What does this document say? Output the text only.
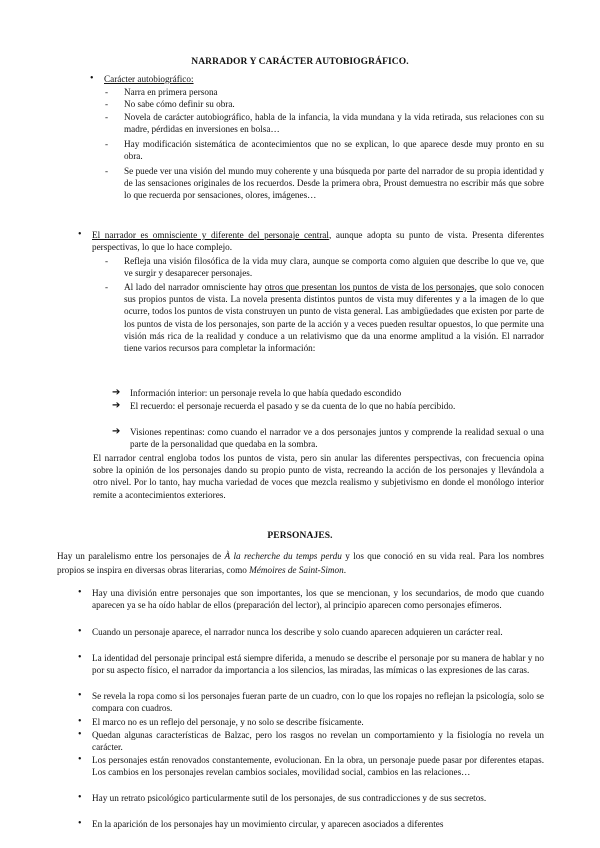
NARRADOR Y CARÁCTER AUTOBIOGRÁFICO.
• Carácter autobiográfico:
- Narra en primera persona
- No sabe cómo definir su obra.
- Novela de carácter autobiográfico, habla de la infancia, la vida mundana y la vida retirada, sus relaciones con su madre, pérdidas en inversiones en bolsa…
- Hay modificación sistemática de acontecimientos que no se explican, lo que aparece desde muy pronto en su obra.
- Se puede ver una visión del mundo muy coherente y una búsqueda por parte del narrador de su propia identidad y de las sensaciones originales de los recuerdos. Desde la primera obra, Proust demuestra no escribir más que sobre lo que recuerda por sensaciones, olores, imágenes…
• El narrador es omnisciente y diferente del personaje central, aunque adopta su punto de vista. Presenta diferentes perspectivas, lo que lo hace complejo.
- Refleja una visión filosófica de la vida muy clara, aunque se comporta como alguien que describe lo que ve, que ve surgir y desaparecer personajes.
- Al lado del narrador omnisciente hay otros que presentan los puntos de vista de los personajes, que solo conocen sus propios puntos de vista. La novela presenta distintos puntos de vista muy diferentes y a la imagen de lo que ocurre, todos los puntos de vista construyen un punto de vista general. Las ambigüedades que existen por parte de los puntos de vista de los personajes, son parte de la acción y a veces pueden resultar opuestos, lo que permite una visión más rica de la realidad y conduce a un relativismo que da una enorme amplitud a la visión. El narrador tiene varios recursos para completar la información:
➔ Información interior: un personaje revela lo que había quedado escondido
➔ El recuerdo: el personaje recuerda el pasado y se da cuenta de lo que no había percibido.
➔ Visiones repentinas: como cuando el narrador ve a dos personajes juntos y comprende la realidad sexual o una parte de la personalidad que quedaba en la sombra.
El narrador central engloba todos los puntos de vista, pero sin anular las diferentes perspectivas, con frecuencia opina sobre la opinión de los personajes dando su propio punto de vista, recreando la acción de los personajes y llevándola a otro nivel. Por lo tanto, hay mucha variedad de voces que mezcla realismo y subjetivismo en donde el monólogo interior remite a acontecimientos exteriores.
PERSONAJES.
Hay un paralelismo entre los personajes de À la recherche du temps perdu y los que conoció en su vida real. Para los nombres propios se inspira en diversas obras literarias, como Mémoires de Saint-Simon.
• Hay una división entre personajes que son importantes, los que se mencionan, y los secundarios, de modo que cuando aparecen ya se ha oído hablar de ellos (preparación del lector), al principio aparecen como personajes efímeros.
• Cuando un personaje aparece, el narrador nunca los describe y solo cuando aparecen adquieren un carácter real.
• La identidad del personaje principal está siempre diferida, a menudo se describe el personaje por su manera de hablar y no por su aspecto físico, el narrador da importancia a los silencios, las miradas, las mímicas o las expresiones de las caras.
• Se revela la ropa como si los personajes fueran parte de un cuadro, con lo que los ropajes no reflejan la psicología, solo se compara con cuadros.
• El marco no es un reflejo del personaje, y no solo se describe físicamente.
• Quedan algunas características de Balzac, pero los rasgos no revelan un comportamiento y la fisiología no revela un carácter.
• Los personajes están renovados constantemente, evolucionan. En la obra, un personaje puede pasar por diferentes etapas. Los cambios en los personajes revelan cambios sociales, movilidad social, cambios en las relaciones…
• Hay un retrato psicológico particularmente sutil de los personajes, de sus contradicciones y de sus secretos.
• En la aparición de los personajes hay un movimiento circular, y aparecen asociados a diferentes
